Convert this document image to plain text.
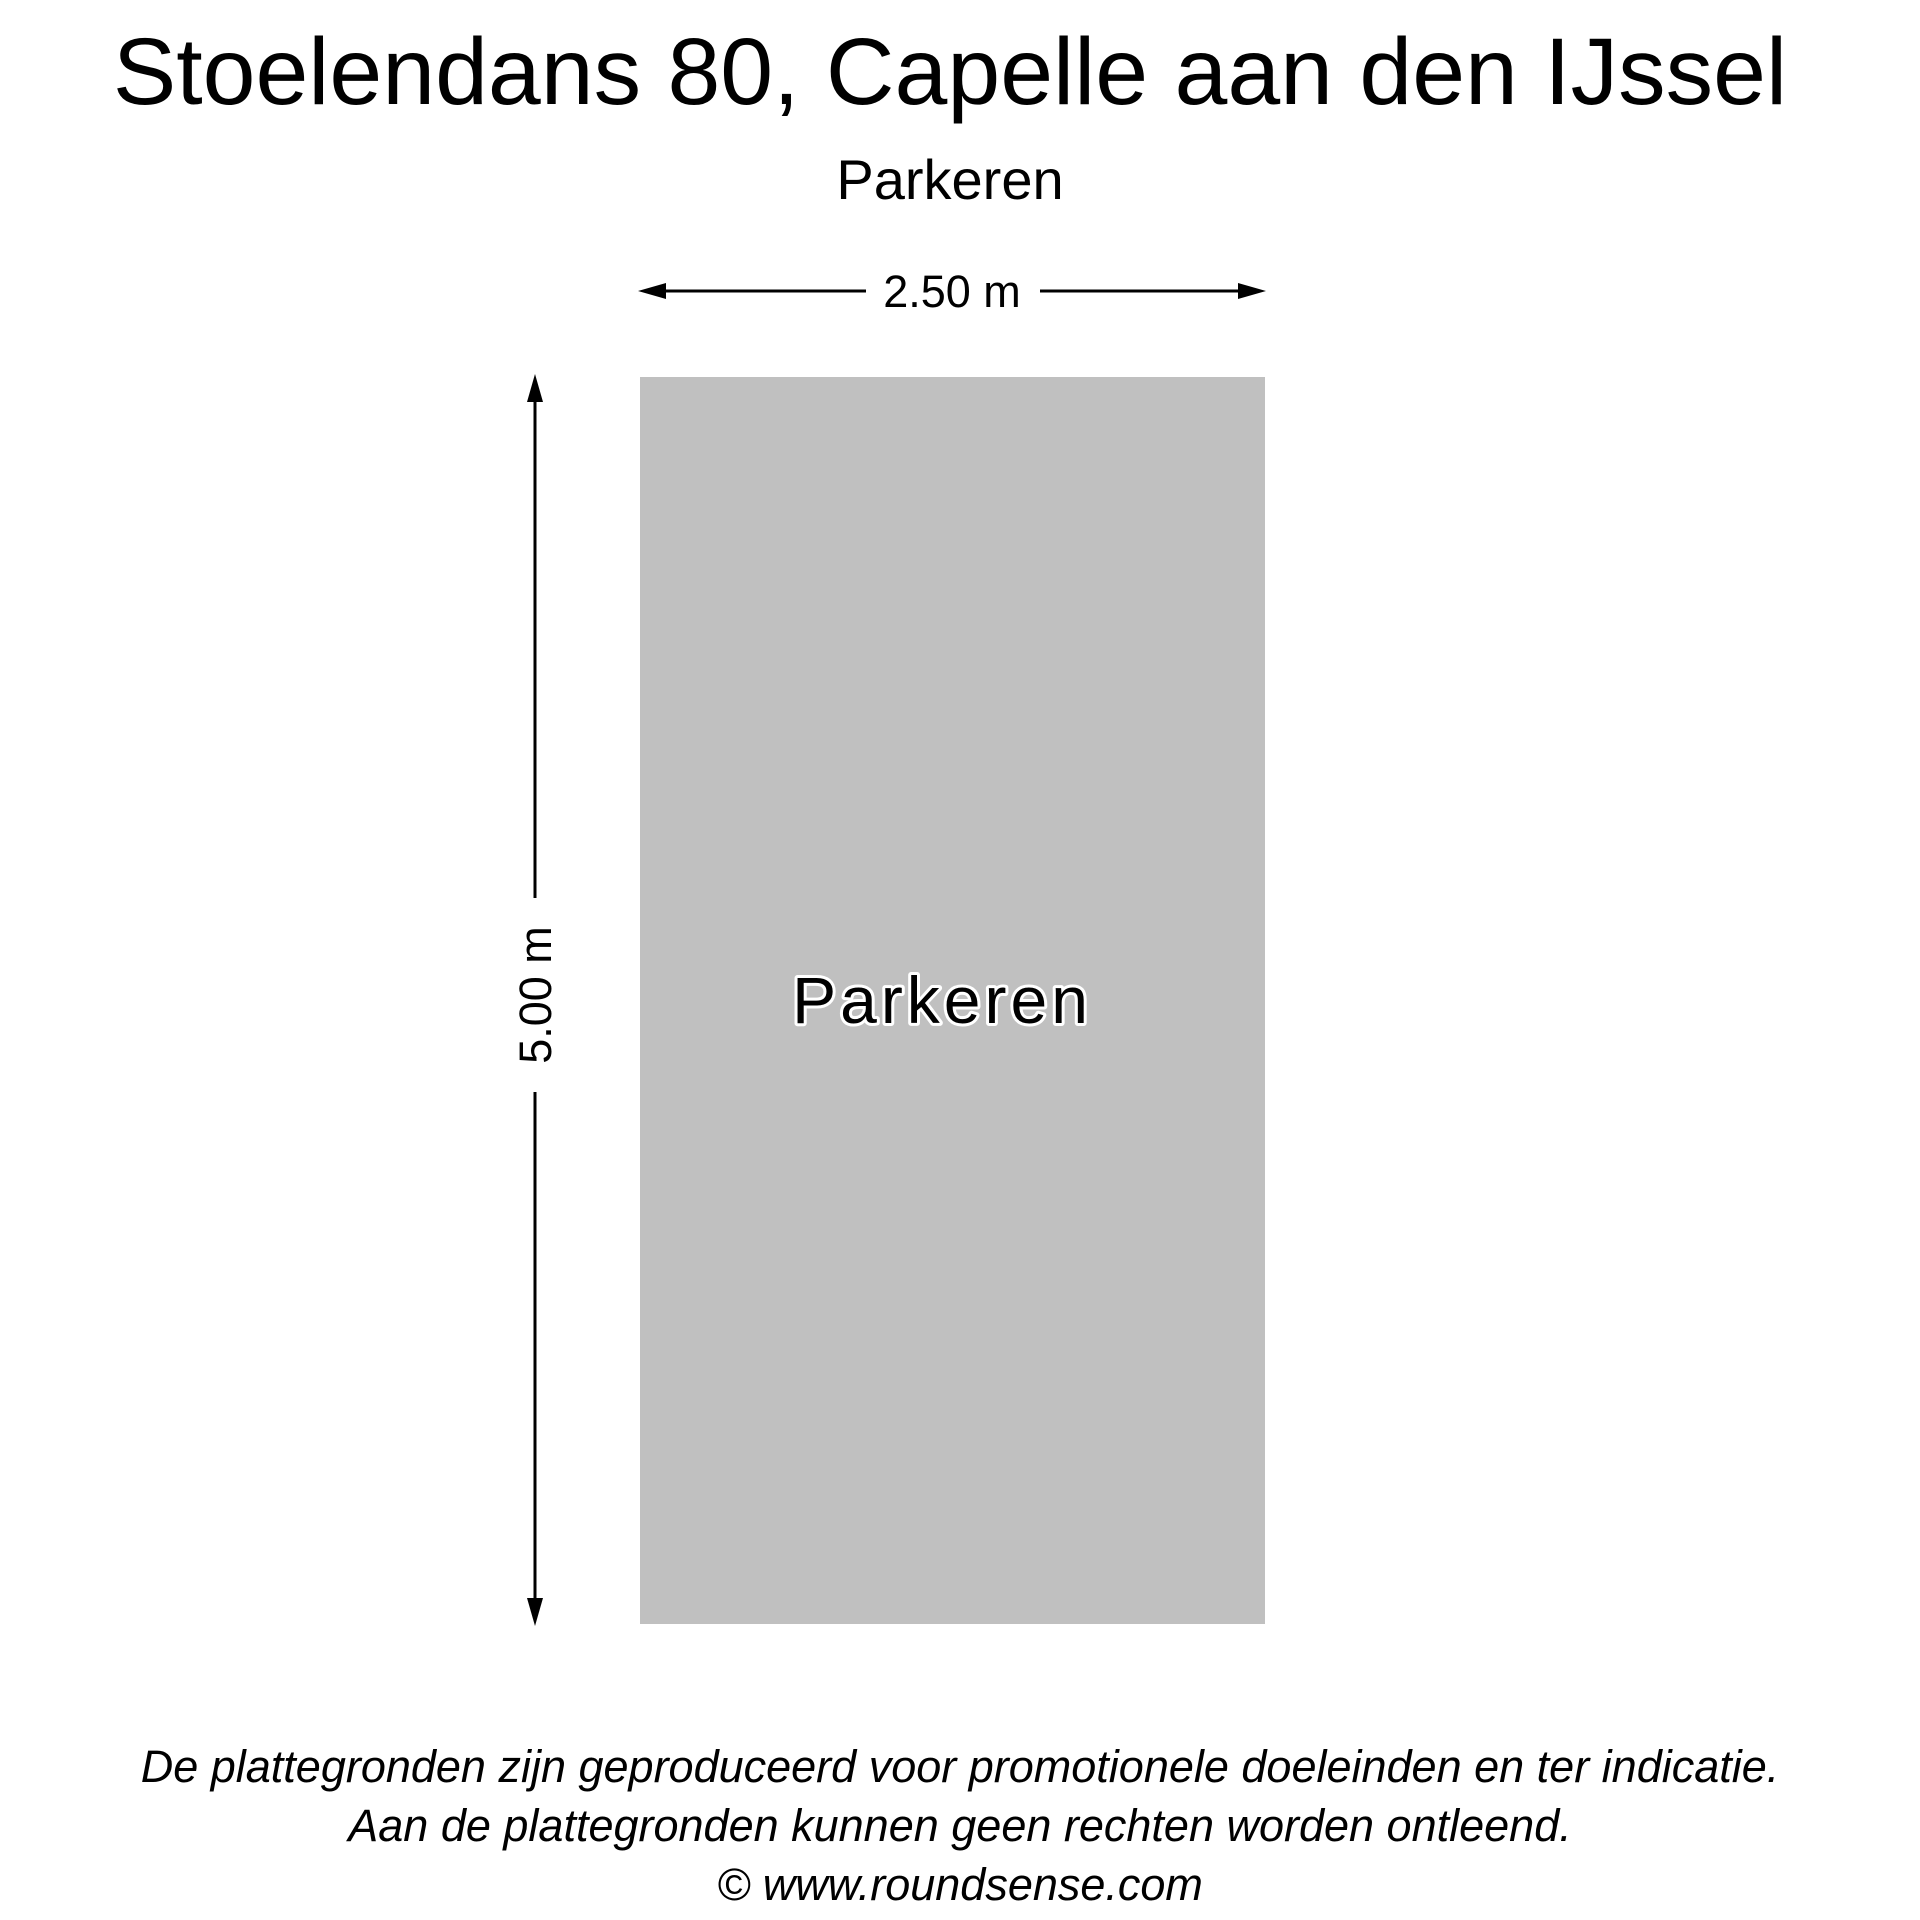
Stoelendans 80, Capelle aan den IJssel
Parkeren
2.50 m
5.00 m	Parkeren
De plattegronden zijn geproduceerd voor promotionele doeleinden en ter indicatie.
Aan de plattegronden kunnen geen rechten worden ontleend.
© www.roundsense.com
